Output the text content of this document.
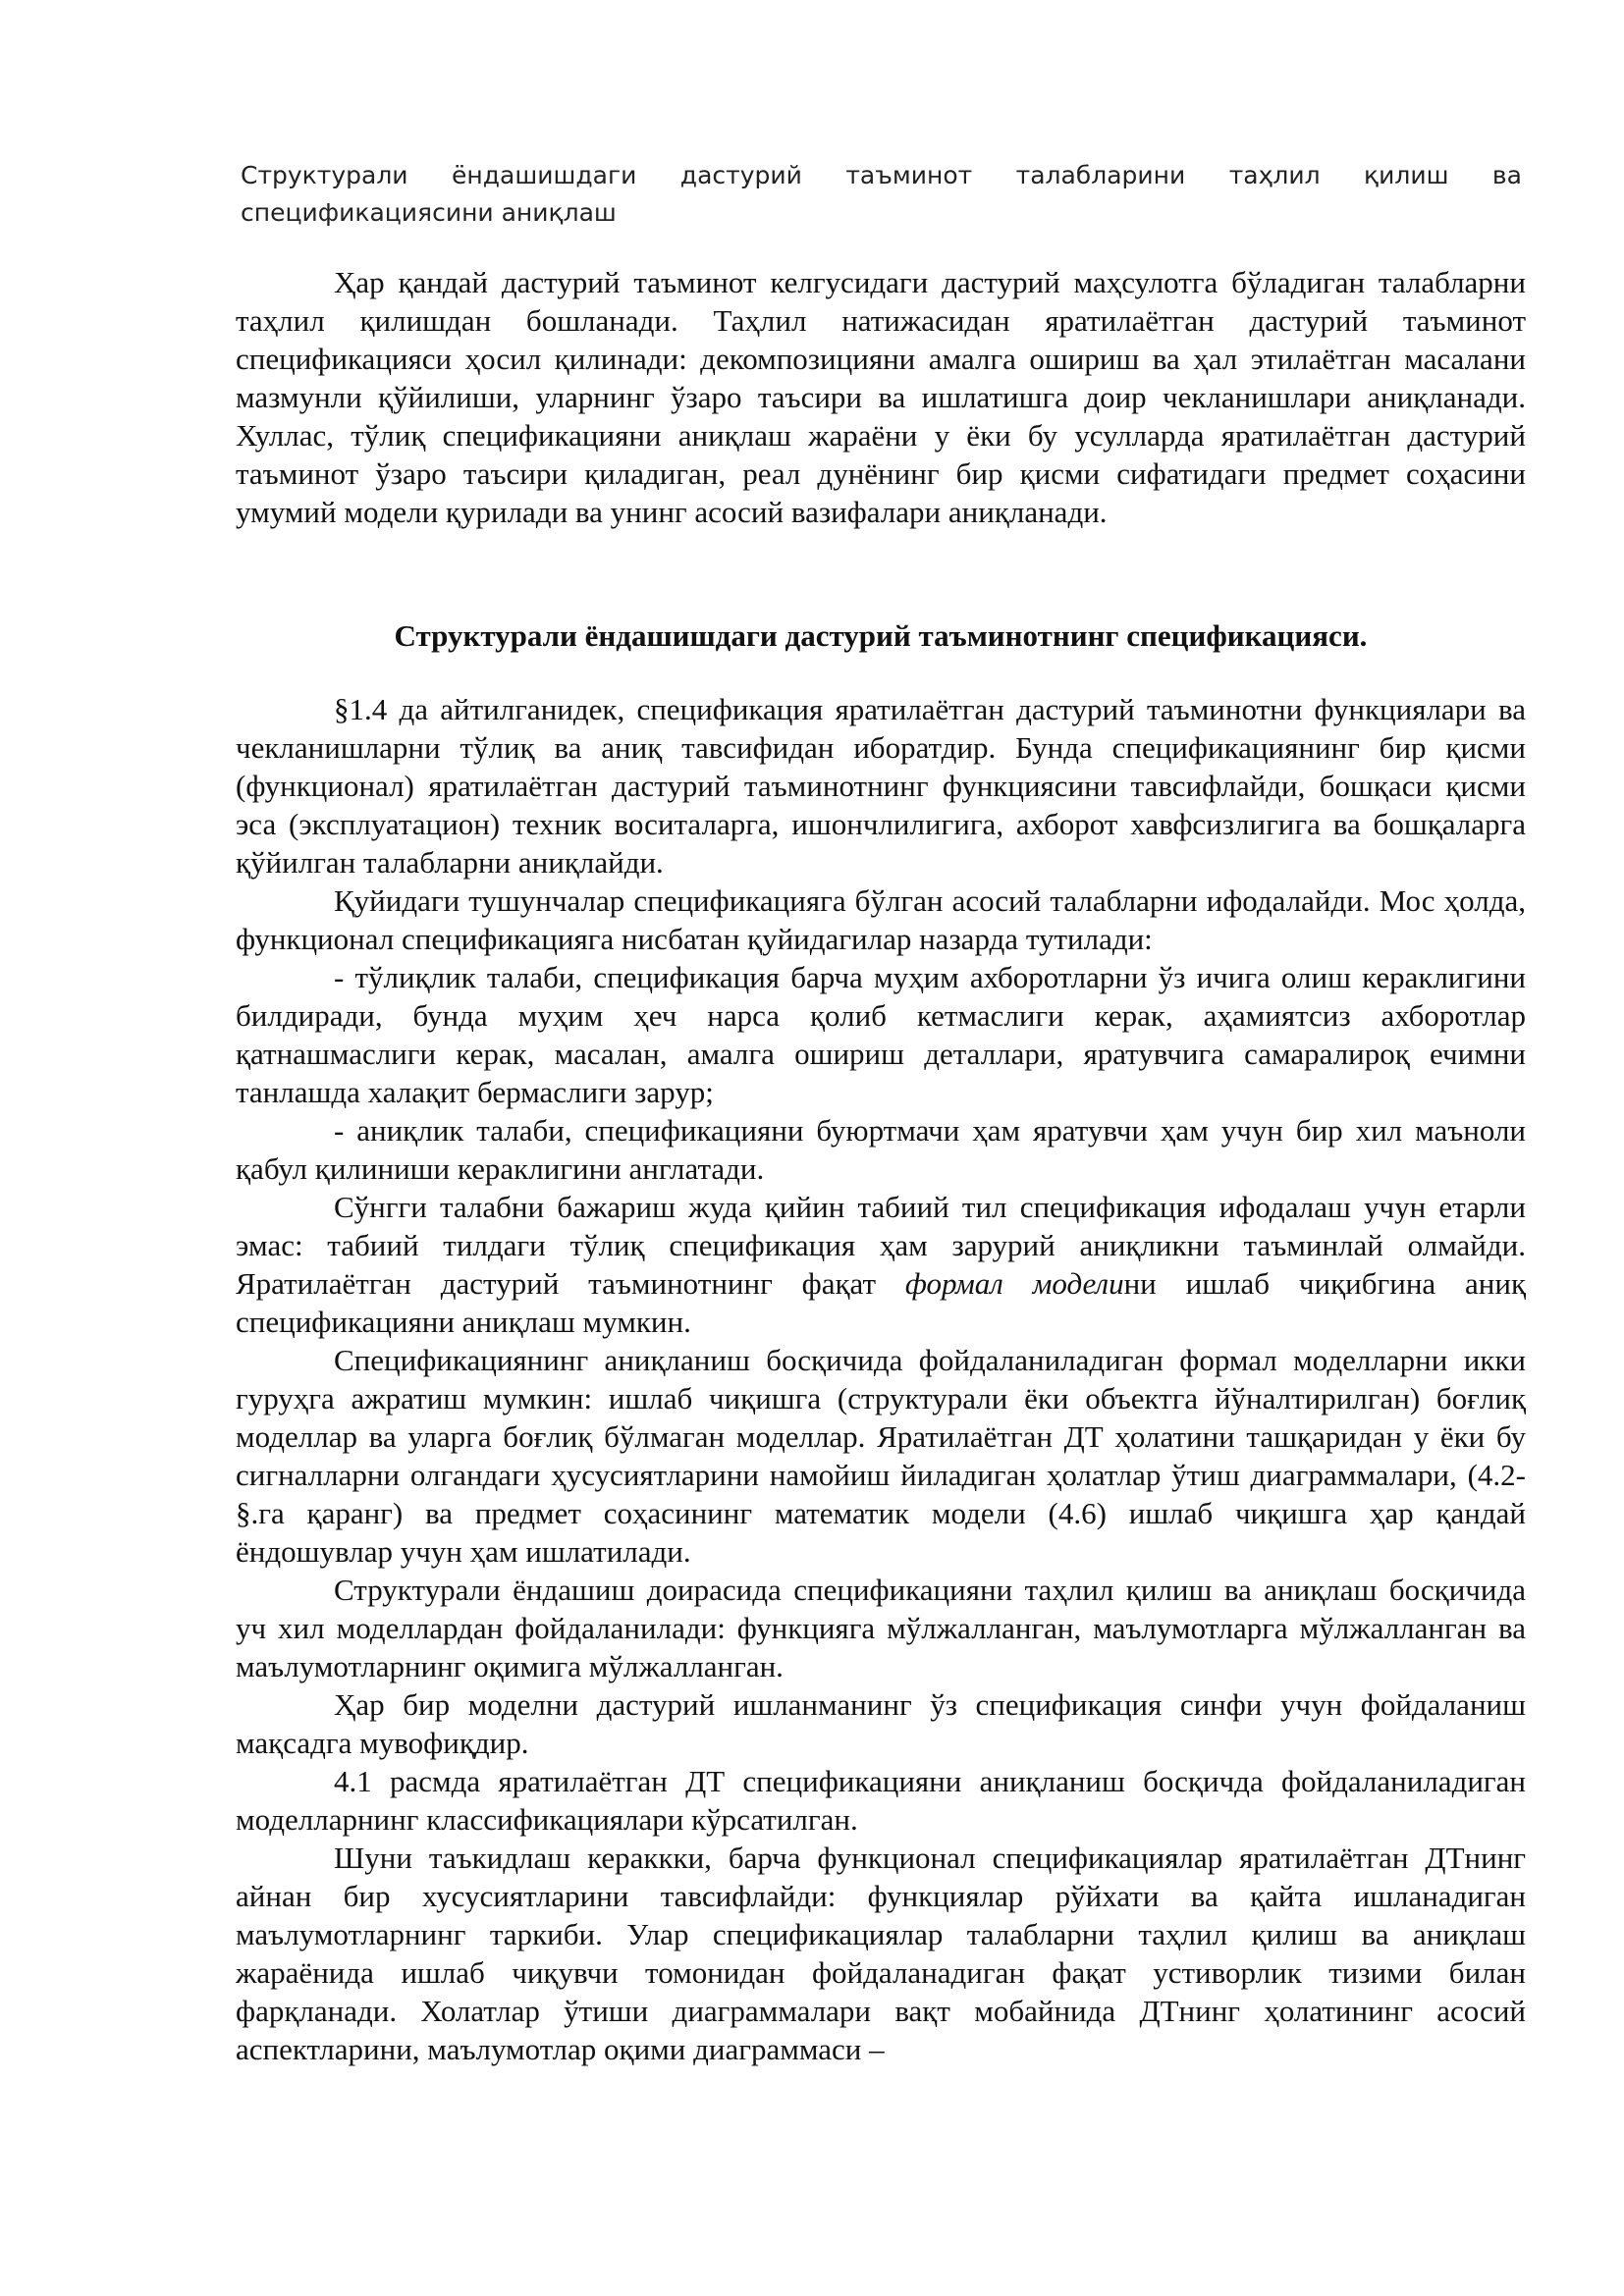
Структурали ёндашишдаги дастурий таъминот талабларини таҳлил қилиш ва спецификациясини аниқлаш

Ҳар қандай дастурий таъминот келгусидаги дастурий маҳсулотга бўладиган талабларни таҳлил қилишдан бошланади. Таҳлил натижасидан яратилаётган дастурий таъминот спецификацияси ҳосил қилинади: декомпозицияни амалга ошириш ва ҳал этилаётган масалани мазмунли қўйилиши, уларнинг ўзаро таъсири ва ишлатишга доир чекланишлари аниқланади. Хуллас, тўлиқ спецификацияни аниқлаш жараёни у ёки бу усулларда яратилаётган дастурий таъминот ўзаро таъсири қиладиган, реал дунёнинг бир қисми сифатидаги предмет соҳасини умумий модели қурилади ва унинг асосий вазифалари аниқланади.

Структурали ёндашишдаги дастурий таъминотнинг спецификацияси.

§1.4 да айтилганидек, спецификация яратилаётган дастурий таъминотни функциялари ва чекланишларни тўлиқ ва аниқ тавсифидан иборатдир. Бунда спецификациянинг бир қисми (функционал) яратилаётган дастурий таъминотнинг функциясини тавсифлайди, бошқаси қисми эса (эксплуатацион) техник воситаларга, ишончлилигига, ахборот хавфсизлигига ва бошқаларга қўйилган талабларни аниқлайди.

Қуйидаги тушунчалар спецификацияга бўлган асосий талабларни ифодалайди. Мос ҳолда, функционал спецификацияга нисбатан қуйидагилар назарда тутилади:

- тўлиқлик талаби, спецификация барча муҳим ахборотларни ўз ичига олиш кераклигини билдиради, бунда муҳим ҳеч нарса қолиб кетмаслиги керак, аҳамиятсиз ахборотлар қатнашмаслиги керак, масалан, амалга ошириш деталлари, яратувчига самаралироқ ечимни танлашда халақит бермаслиги зарур;

- аниқлик талаби, спецификацияни буюртмачи ҳам яратувчи ҳам учун бир хил маъноли қабул қилиниши кераклигини англатади.

Сўнгги талабни бажариш жуда қийин табиий тил спецификация ифодалаш учун етарли эмас: табиий тилдаги тўлиқ спецификация ҳам зарурий аниқликни таъминлай олмайди. Яратилаётган дастурий таъминотнинг фақат формал моделини ишлаб чиқибгина аниқ спецификацияни аниқлаш мумкин.

Спецификациянинг аниқланиш босқичида фойдаланиладиган формал моделларни икки гуруҳга ажратиш мумкин: ишлаб чиқишга (структурали ёки объектга йўналтирилган) боғлиқ моделлар ва уларга боғлиқ бўлмаган моделлар. Яратилаётган ДТ ҳолатини ташқаридан у ёки бу сигналларни олгандаги ҳусусиятларини намойиш йиладиган ҳолатлар ўтиш диаграммалари, (4.2-§.га қаранг) ва предмет соҳасининг математик модели (4.6) ишлаб чиқишга ҳар қандай ёндошувлар учун ҳам ишлатилади.

Структурали ёндашиш доирасида спецификацияни таҳлил қилиш ва аниқлаш босқичида уч хил моделлардан фойдаланилади: функцияга мўлжалланган, маълумотларга мўлжалланган ва маълумотларнинг оқимига мўлжалланган.

Ҳар бир моделни дастурий ишланманинг ўз спецификация синфи учун фойдаланиш мақсадга мувофиқдир.

4.1 расмда яратилаётган ДТ спецификацияни аниқланиш босқичда фойдаланиладиган моделларнинг классификациялари кўрсатилган.

Шуни таъкидлаш кераккки, барча функционал спецификациялар яратилаётган ДТнинг айнан бир хусусиятларини тавсифлайди: функциялар рўйхати ва қайта ишланадиган маълумотларнинг таркиби. Улар спецификациялар талабларни таҳлил қилиш ва аниқлаш жараёнида ишлаб чиқувчи томонидан фойдаланадиган фақат устиворлик тизими билан фарқланади. Холатлар ўтиши диаграммалари вақт мобайнида ДТнинг ҳолатининг асосий аспектларини, маълумотлар оқими диаграммаси –
